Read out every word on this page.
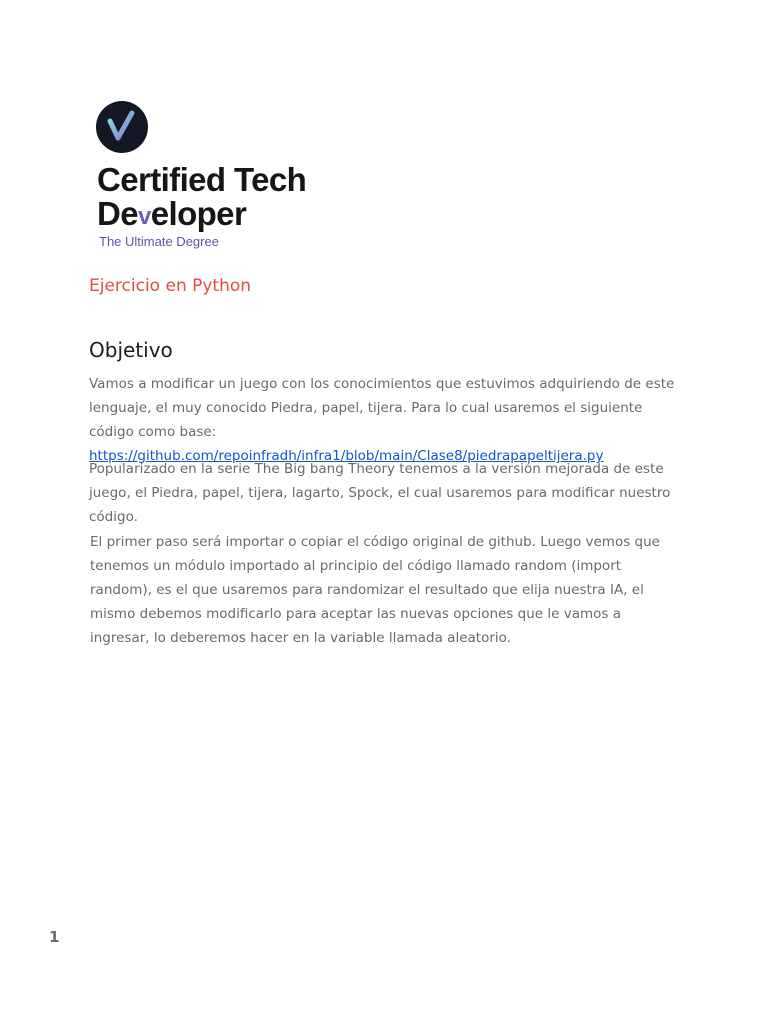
Certified Tech
Developer
The Ultimate Degree
Ejercicio en Python
Objetivo

Vamos a modificar un juego con los conocimientos que estuvimos adquiriendo de este lenguaje, el muy conocido Piedra, papel, tijera. Para lo cual usaremos el siguiente código como base: https://github.com/repoinfradh/infra1/blob/main/Clase8/piedrapapeltijera.py

Popularizado en la serie The Big bang Theory tenemos a la versión mejorada de este juego, el Piedra, papel, tijera, lagarto, Spock, el cual usaremos para modificar nuestro código.

El primer paso será importar o copiar el código original de github. Luego vemos que tenemos un módulo importado al principio del código llamado random (import random), es el que usaremos para randomizar el resultado que elija nuestra IA, el mismo debemos modificarlo para aceptar las nuevas opciones que le vamos a ingresar, lo deberemos hacer en la variable llamada aleatorio.

1
